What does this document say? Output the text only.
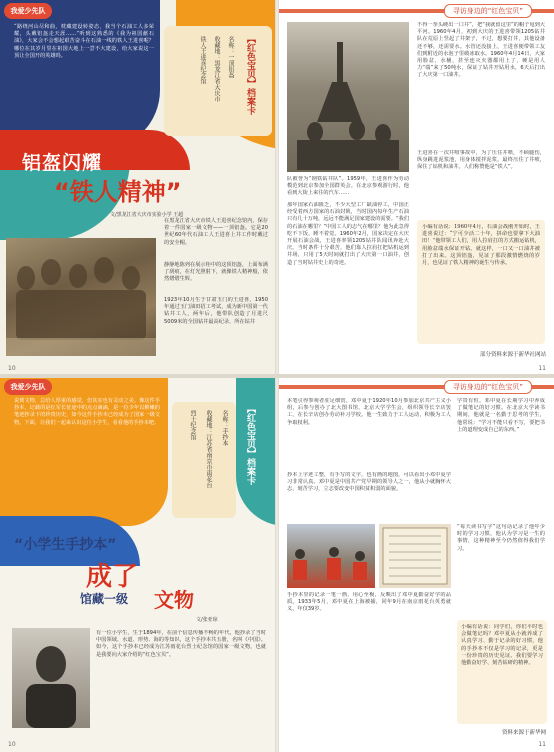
我爱少先队
“路绕河山尽和曲，枕藏建设转姿态，我当个石油工人多荣耀，头戴铝盔走天涯……”听到这熟悉的《我为祖国献石油》，大家会不会想起艰苦奋斗在石油一线的铁人王进喜呢？哪位在其岁月里在祖国大地上一尝不大建设，给大家说这一顶让全国开的英雄吗。	【红色宝贝】档案卡
名称：一顶铝盔
收藏地：黑龙江省大庆市
铁人王进喜纪念馆
铝盔闪耀
“铁人精神”
文/黑龙江省大庆市实验小学 王超
在黑龙江省大庆市铁人王进喜纪念馆内，保存着一件国家一级文物——一顶铝盔。它是20世纪60年代石油工人王进喜上井工作时戴过的安全帽。
静静地陈列在展示柜中的这顶铝盔，上面布满了刮痕，在灯光照射下，就像铁人精神般，依然熠熠生辉。
1923年10月生于甘肃玉门的王进喜，1950年通过玉门油田招工考试，成为新中国第一代钻井工人，两年后，他带队创造了月进尺5009米的全国钻井最高纪录，所在钻井
10
寻访身边的“红色宝贝”
队被誉为“钢铁钻井队”。1959年，王进喜作为劳动模范到北京参加全国群英会。在北京参观游行时，他看到大街上来往的汽车……
那年国家石油匮乏，不少大型工厂缺油停工，中国正经受着西方国家的石油封锁，当时国内每年生产石油只有几十万吨，远远不能满足国家建设的需要。“我们的石油在哪里？”中国工人的志气在哪里？他为此急得吃不下饭，睡不着觉。1960年2月，国家决定在大庆开展石油会战，王进喜率领1205钻井队闻讯奔赴大庆。当时条件十分艰苦，他们靠人拉肩扛把钻机运到井场，只用了5天时间就打出了大庆第一口油井，创造了当时钻井史上的奇迹。
不得一拳头硬出一口井”，把“我就留这里”的帽子甩到大平河。1960年4月，初到大庆的王进喜带领1205钻井队在荒原上竖起了井架子，不过，想要打井，其他设备还不够，还需要水。水管还没接上，王进喜便带领工友们到附近的水泡子里破冰取水。1960年4月14日，大家用脸盆、水桶，甚至连灭火器都用上了，硬是用人力“端”来了50吨水，保证了钻井开钻用水，6天后打出了大庆第一口油井。
王进喜在一次井喷事故中，为了压住井喷，不顾腿伤，纵身跳进泥浆池，用身体搅拌泥浆，最终压住了井喷，保住了钻机和油井。人们称赞他是“铁人”。
小编有话说：1960年4月，石油会战刚开始时，王进喜说过：“宁可少活二十年，拼命也要拿下大油田！”他带领工人们，用人拉肩扛的方式搬运钻机，用脸盆端水保证开钻。就这样，一口又一口油井被打了出来。这顶铝盔，见证了那段激情燃烧的岁月，也见证了铁人精神的诞生与传承。
部分资料来源于新华社网站
11
我爱少先队
说到文物，总给人厚重的感觉，但其实也有灵动之美。像这件手抄本，记载的是红军长征途中的点点滴滴，是一位少年以稚嫩的笔迹抄录下的珍贵历史，如今这件手抄本已经成为了国家一级文物。下面，让我们一起来认识这位小学生，看看他的手抄本吧。	【红色宝贝】档案卡
名称：手抄本
收藏地：江苏省南京市雨花台
烈士纪念馆
“小学生手抄本”
成了
馆藏一级 文物
文/张亚琼
有一位小学生，生于1894年，在前个信息传播不畅的年代，他抄录了当时中国领域、水道、形势、海的等知识，这个手抄本共五册，名叫《中国》。如今，这个手抄本已经成为江苏雨花台烈士纪念馆的国家一级文物，也就是我要向大家介绍的“红色宝贝”。
10
寻访身边的“红色宝贝”
本笔引得参观者驻足细赏。邓中夏于1920年10月参加北京共产主义小组，后参与创办了北大图书馆、北京大学学生会，组织领导长辛店罢工，在长辛店创办劳动补习学校。他一生致力于工人运动，积极为工人争取权利。
抄本上字迹工整，有手写的文字，也有画的地图，可以看出小邓中夏学习非常认真。邓中夏是中国共产党早期的领导人之一，他从小就胸怀大志，刻苦学习，立志要改变中国积贫积弱的面貌。
手抄本里的记录一笔一画，用心至极，反映出了邓中夏勤奋好学的品质。1933年5月，邓中夏在上海被捕，同年9月在南京雨花台英勇就义，年仅39岁。
学贵有恒。邓中夏在长期学习中养成了做笔记的好习惯。在北京大学读书期间，他就是一名勤于思考的学生，他常说：“学习不能只看不写，要把书上的道理变成自己的东西。”
“每天读书写字”这句话记录了他年少时的学习习惯，他认为学习是一生的事情，这种精神至今仍然值得我们学习。
小编有话说：同学们，你们平时也会做笔记吗？邓中夏从小就养成了认真学习、勤于记录的好习惯，他的手抄本不仅是学习的记录，更是一份珍贵的历史见证。我们要学习他勤奋好学、刻苦钻研的精神。
资料来源于新华网
11
